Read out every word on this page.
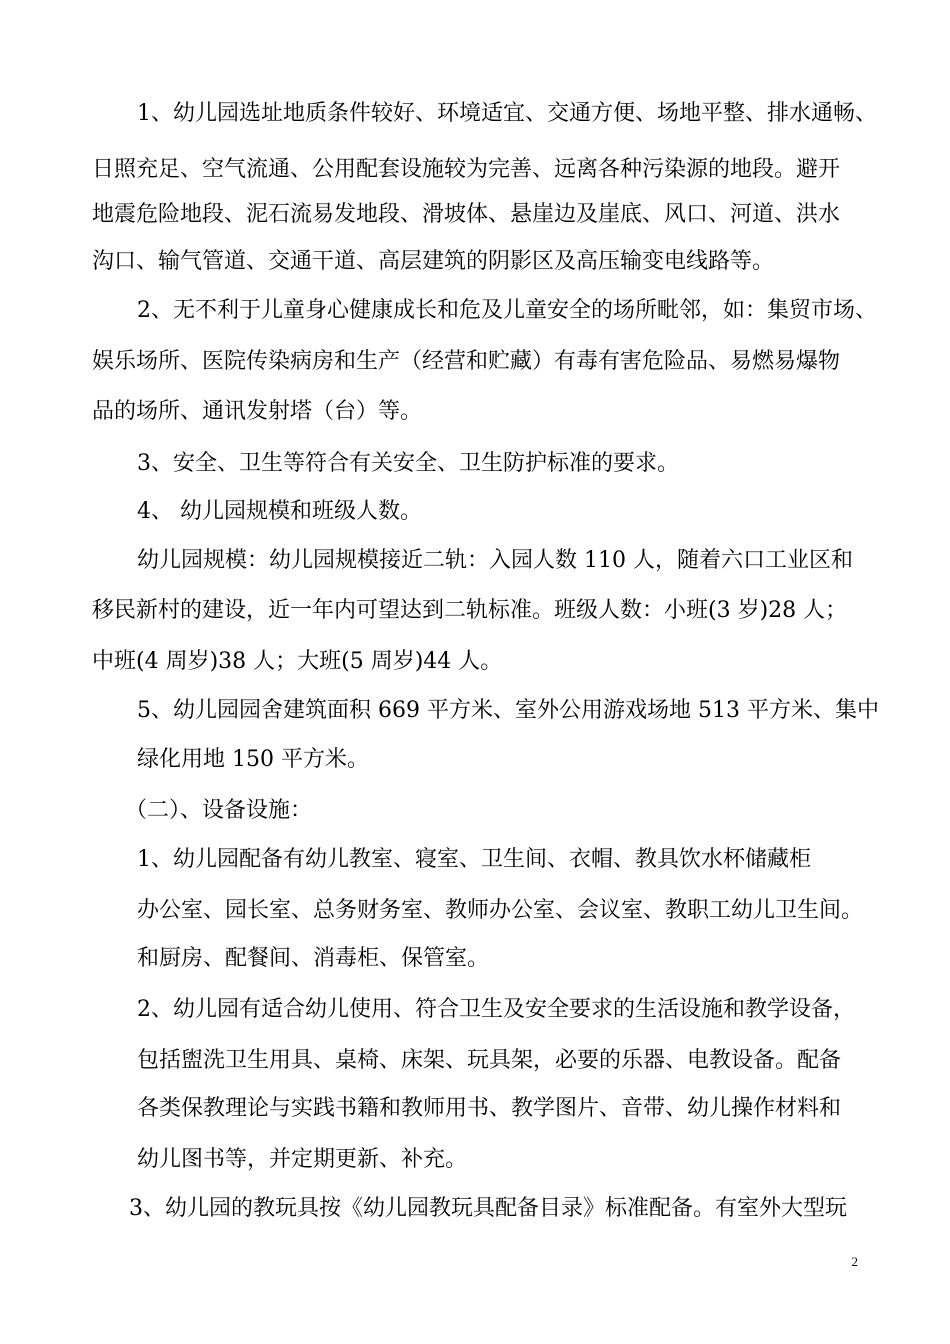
1、幼儿园选址地质条件较好、环境适宜、交通方便、场地平整、排水通畅、
日照充足、空气流通、公用配套设施较为完善、远离各种污染源的地段。避开
地震危险地段、泥石流易发地段、滑坡体、悬崖边及崖底、风口、河道、洪水
沟口、输气管道、交通干道、高层建筑的阴影区及高压输变电线路等。
2、无不利于儿童身心健康成长和危及儿童安全的场所毗邻，如：集贸市场、
娱乐场所、医院传染病房和生产（经营和贮藏）有毒有害危险品、易燃易爆物
品的场所、通讯发射塔（台）等。
3、安全、卫生等符合有关安全、卫生防护标准的要求。
4、 幼儿园规模和班级人数。
幼儿园规模：幼儿园规模接近二轨：入园人数 110 人，随着六口工业区和
移民新村的建设，近一年内可望达到二轨标准。班级人数：小班(3 岁)28 人；
中班(4 周岁)38 人；大班(5 周岁)44 人。
5、幼儿园园舍建筑面积 669 平方米、室外公用游戏场地 513 平方米、集中
绿化用地 150 平方米。
（二）、设备设施：
1、幼儿园配备有幼儿教室、寝室、卫生间、衣帽、教具饮水杯储藏柜
办公室、园长室、总务财务室、教师办公室、会议室、教职工幼儿卫生间。
和厨房、配餐间、消毒柜、保管室。
2、幼儿园有适合幼儿使用、符合卫生及安全要求的生活设施和教学设备，
包括盥洗卫生用具、桌椅、床架、玩具架，必要的乐器、电教设备。配备
各类保教理论与实践书籍和教师用书、教学图片、音带、幼儿操作材料和
幼儿图书等，并定期更新、补充。
3、幼儿园的教玩具按《幼儿园教玩具配备目录》标准配备。有室外大型玩
2
